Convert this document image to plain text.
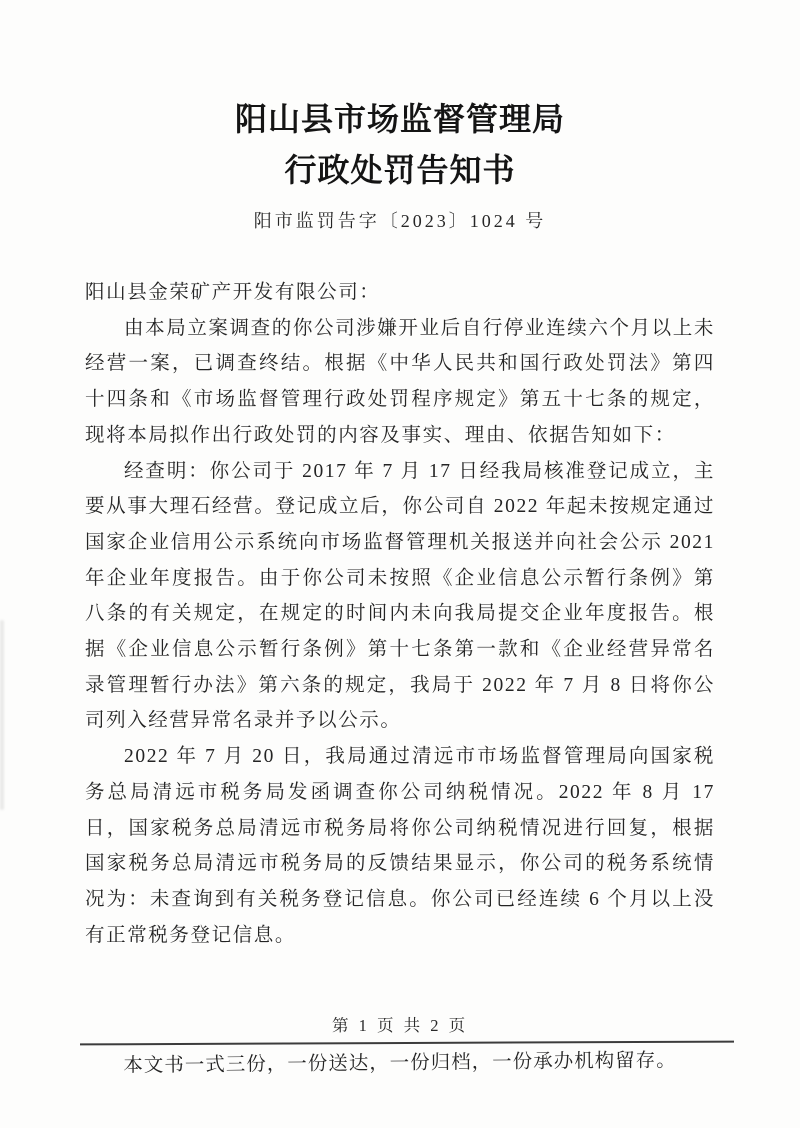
阳山县市场监督管理局
行政处罚告知书
阳市监罚告字〔2023〕1024 号

阳山县金荣矿产开发有限公司：

由本局立案调查的你公司涉嫌开业后自行停业连续六个月以上未经营一案，已调查终结。根据《中华人民共和国行政处罚法》第四十四条和《市场监督管理行政处罚程序规定》第五十七条的规定，现将本局拟作出行政处罚的内容及事实、理由、依据告知如下：

经查明：你公司于 2017 年 7 月 17 日经我局核准登记成立，主要从事大理石经营。登记成立后，你公司自 2022 年起未按规定通过国家企业信用公示系统向市场监督管理机关报送并向社会公示 2021 年企业年度报告。由于你公司未按照《企业信息公示暂行条例》第八条的有关规定，在规定的时间内未向我局提交企业年度报告。根据《企业信息公示暂行条例》第十七条第一款和《企业经营异常名录管理暂行办法》第六条的规定，我局于 2022 年 7 月 8 日将你公司列入经营异常名录并予以公示。

2022 年 7 月 20 日，我局通过清远市市场监督管理局向国家税务总局清远市税务局发函调查你公司纳税情况。2022 年 8 月 17 日，国家税务总局清远市税务局将你公司纳税情况进行回复，根据国家税务总局清远市税务局的反馈结果显示，你公司的税务系统情况为：未查询到有关税务登记信息。你公司已经连续 6 个月以上没有正常税务登记信息。

第 1 页 共 2 页
本文书一式三份，一份送达，一份归档，一份承办机构留存。
